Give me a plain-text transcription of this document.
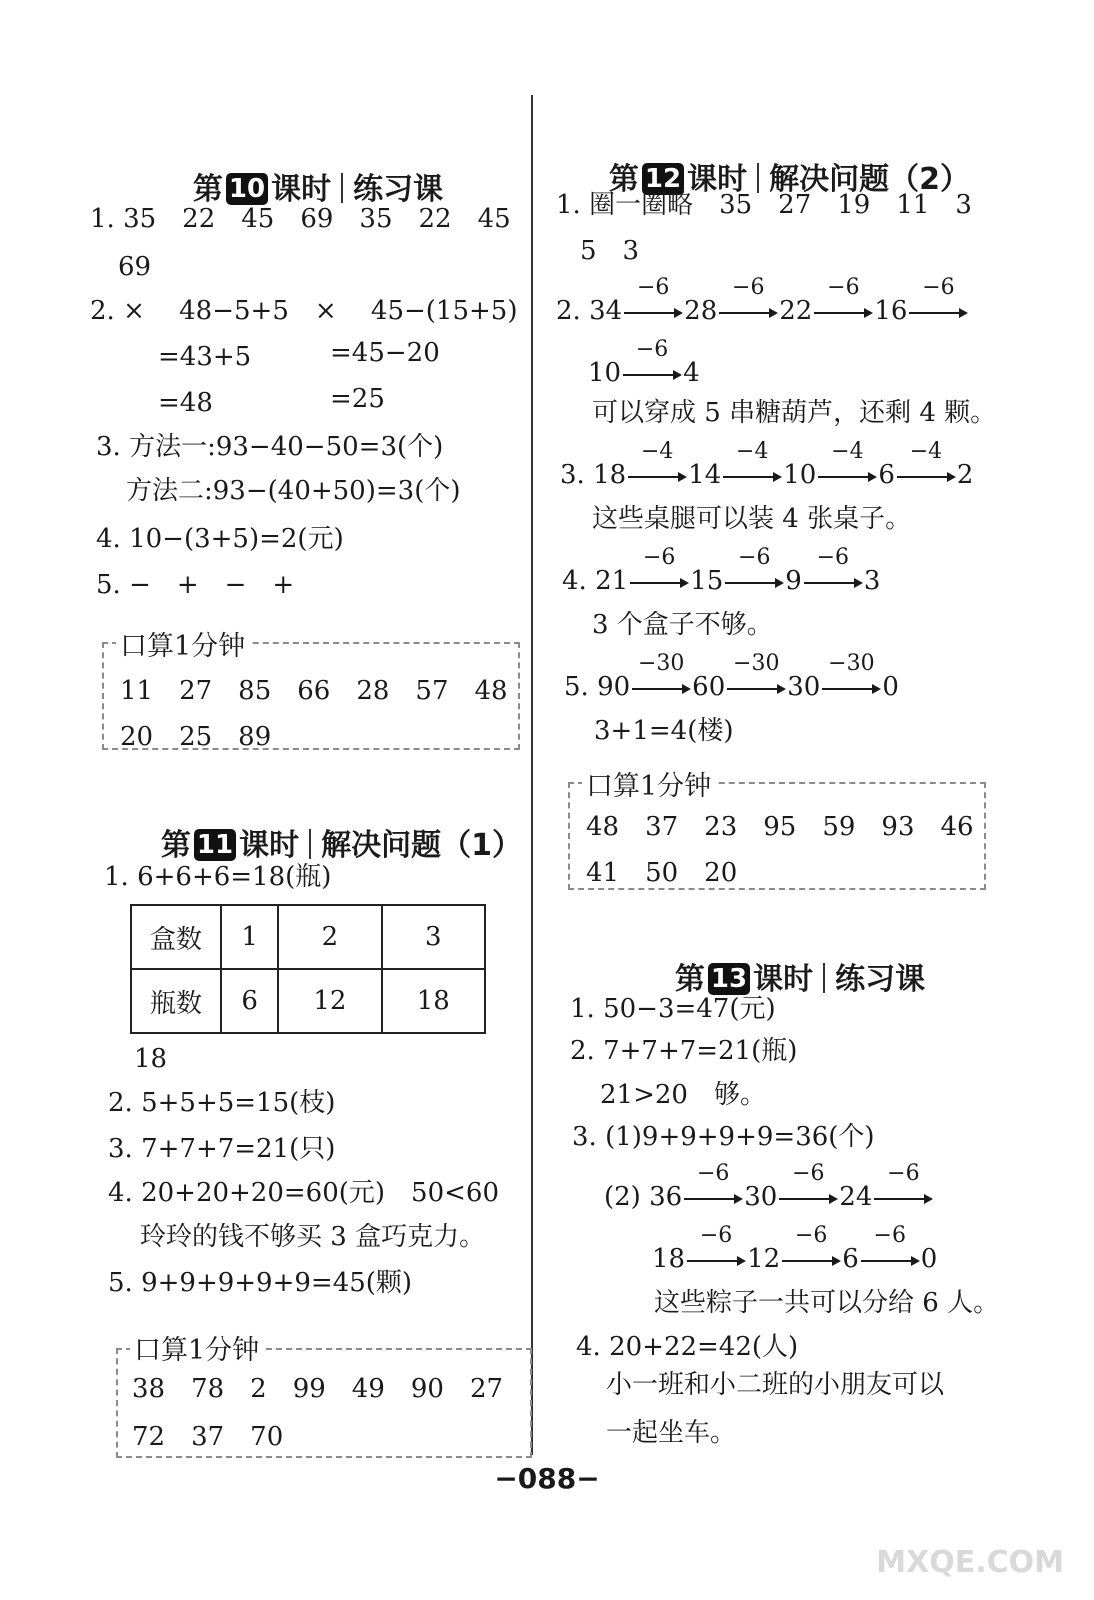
第 10 课时 练习课

1. 35　22　45　69　35　22　45
69
2. ×　 48−5+5　×　 45−(15+5)
=43+5	=45−20
=48	=25
3. 方法一:93−40−50=3(个)
方法二:93−(40+50)=3(个)
4. 10−(3+5)=2(元)
5. −　+　−　+
口算1分钟
11　27　85　66　28　57　48
20　25　89

第 11 课时 解决问题（1）

1. 6+6+6=18(瓶)
盒数	1	2	3
瓶数	6	12	18
18
2. 5+5+5=15(枝)
3. 7+7+7=21(只)
4. 20+20+20=60(元)　50<60
玲玲的钱不够买 3 盒巧克力。
5. 9+9+9+9+9=45(颗)
口算1分钟
38　78　2　99　49　90　27
72　37　70

第 12 课时 解决问题（2）

1. 圈一圈略　35　27　19　11　3
5　3
2. 34
−6
28
−6
22
−6
16
−6
10
−6
4
可以穿成 5 串糖葫芦，还剩 4 颗。
3. 18
−4
14
−4
10
−4
6
−4
2
这些桌腿可以装 4 张桌子。
4. 21
−6
15
−6
9
−6
3
3 个盒子不够。
5. 90
−30
60
−30
30
−30
0
3+1=4(楼)
口算1分钟
48　37　23　95　59　93　46
41　50　20

第 13 课时 练习课

1. 50−3=47(元)
2. 7+7+7=21(瓶)
21>20　够。
3. (1)9+9+9+9=36(个)
(2) 36
−6
30
−6
24
−6
18
−6
12
−6
6
−6
0
这些粽子一共可以分给 6 人。
4. 20+22=42(人)
小一班和小二班的小朋友可以
一起坐车。
−088−
MXQE.COM
